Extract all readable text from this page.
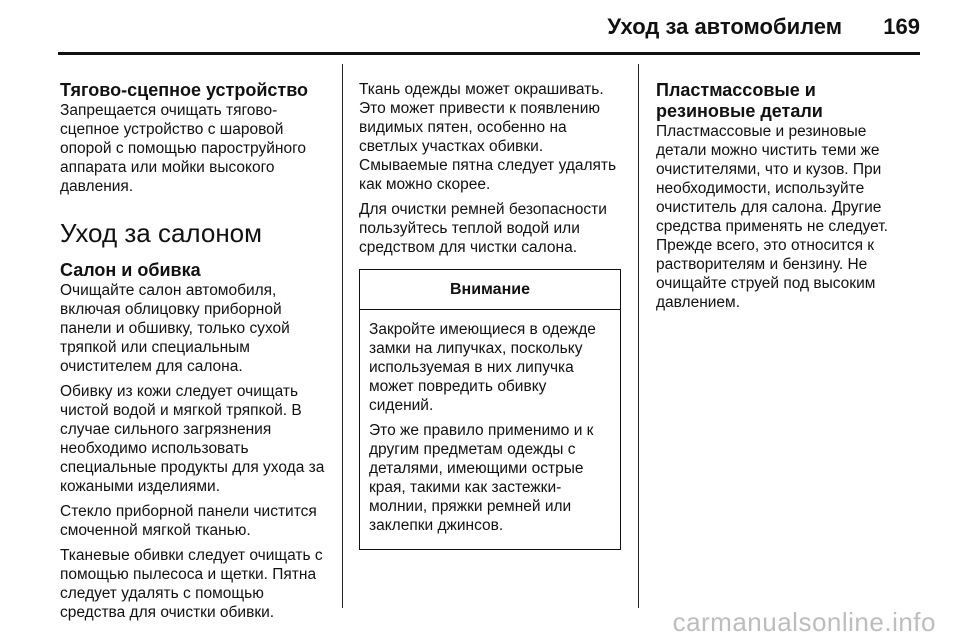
Уход за автомобилем 169
Тягово-сцепное устройство

Запрещается очищать тягово-сцепное устройство с шаровой опорой с помощью пароструйного аппарата или мойки высокого давления.

Уход за салоном
Салон и обивка

Очищайте салон автомобиля, включая облицовку приборной панели и обшивку, только сухой тряпкой или специальным очистителем для салона.

Обивку из кожи следует очищать чистой водой и мягкой тряпкой. В случае сильного загрязнения необходимо использовать специальные продукты для ухода за кожаными изделиями.

Стекло приборной панели чистится смоченной мягкой тканью.

Тканевые обивки следует очищать с помощью пылесоса и щетки. Пятна следует удалять с помощью средства для очистки обивки.

Ткань одежды может окрашивать. Это может привести к появлению видимых пятен, особенно на светлых участках обивки. Смываемые пятна следует удалять как можно скорее.

Для очистки ремней безопасности пользуйтесь теплой водой или средством для чистки салона.

Внимание

Закройте имеющиеся в одежде замки на липучках, поскольку используемая в них липучка может повредить обивку сидений.

Это же правило применимо и к другим предметам одежды с деталями, имеющими острые края, такими как застежки-молнии, пряжки ремней или заклепки джинсов.

Пластмассовые и резиновые детали

Пластмассовые и резиновые детали можно чистить теми же очистителями, что и кузов. При необходимости, используйте очиститель для салона. Другие средства применять не следует. Прежде всего, это относится к растворителям и бензину. Не очищайте струей под высоким давлением.

carmanualsonline.info
